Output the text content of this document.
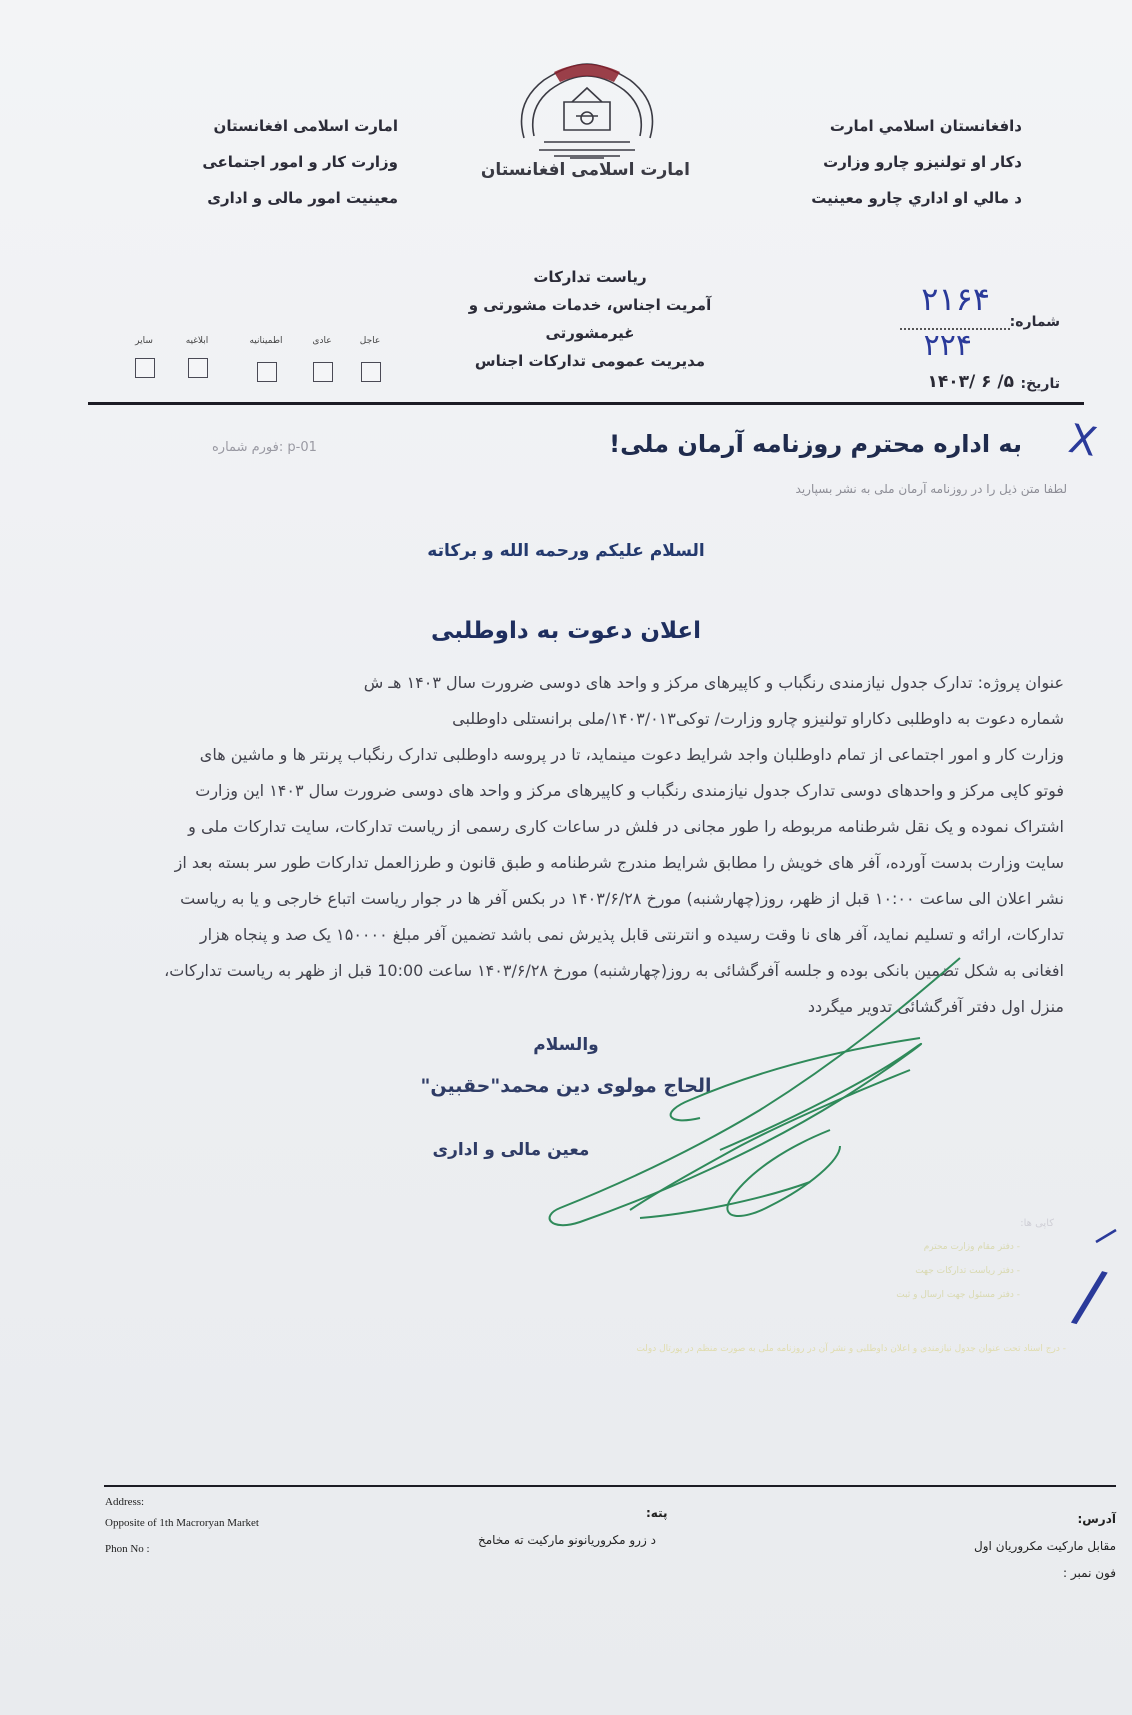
دافغانستان اسلامي امارت
دکار او تولنیزو چارو وزارت
د مالي او اداري چارو معینیت
امارت اسلامی افغانستان
وزارت کار و امور اجتماعی
معینیت امور مالی و اداری
امارت اسلامی افغانستان
ریاست تدارکات
آمریت اجناس، خدمات مشورتی و غیرمشورتی
مدیریت عمومی تدارکات اجناس
شماره:
۲۱۶۴
۲۲۴
تاریخ:
۱۴۰۳/ ۶ /۵
عاجل
عادی
اطمینانیه
ابلاغیه
سایر
فورم شماره: p-01	به اداره محترم روزنامه آرمان ملی! X
لطفا متن ذیل را در روزنامه آرمان ملی به نشر بسپارید
السلام علیکم ورحمه الله و برکاته
اعلان دعوت به داوطلبی

عنوان پروژه: تدارک جدول نیازمندی رنگباب و کاپیرهای مرکز و واحد های دوسی ضرورت سال ۱۴۰۳ هـ ش

شماره دعوت به داوطلبی دکاراو تولنیزو چارو وزارت/ توکی۱۴۰۳/۰۱۳/ملی برانستلی داوطلبی

وزارت کار و امور اجتماعی از تمام داوطلبان واجد شرایط دعوت مینماید، تا در پروسه داوطلبی تدارک رنگباب پرنتر ها و ماشین های

فوتو کاپی مرکز و واحدهای دوسی تدارک جدول نیازمندی رنگباب و کاپیرهای مرکز و واحد های دوسی ضرورت سال ۱۴۰۳ این وزارت

اشتراک نموده و یک نقل شرطنامه مربوطه را طور مجانی در فلش در ساعات کاری رسمی از ریاست تدارکات، سایت تدارکات ملی و

سایت وزارت بدست آورده، آفر های خویش را مطابق شرایط مندرج شرطنامه و طبق قانون و طرزالعمل تدارکات طور سر بسته بعد از

نشر اعلان الی ساعت ۱۰:۰۰ قبل از ظهر، روز(چهارشنبه) مورخ ۱۴۰۳/۶/۲۸ در بکس آفر ها در جوار ریاست اتباع خارجی و یا به ریاست

تدارکات، ارائه و تسلیم نماید، آفر های نا وقت رسیده و انترنتی قابل پذیرش نمی باشد تضمین آفر مبلغ ۱۵۰۰۰۰ یک صد و پنجاه هزار

افغانی به شکل تضمین بانکی بوده و جلسه آفرگشائی به روز(چهارشنبه) مورخ ۱۴۰۳/۶/۲۸ ساعت 10:00 قبل از ظهر به ریاست تدارکات،

منزل اول دفتر آفرگشائی تدویر میگردد

والسلام
الحاج مولوی دین محمد"حقبین"
معین مالی و اداری
کاپی ها:
- دفتر مقام وزارت محترم
- دفتر ریاست تدارکات جهت
- دفتر مسئول جهت ارسال و ثبت
- درج اسناد تحت عنوان جدول نیازمندی و اعلان داوطلبی و نشر آن در روزنامه ملی به صورت منظم در پورتال دولت
/
Address:
Opposite of 1th Macroryan Market
Phon No :
پته:
د زرو مکروریانونو مارکیت ته مخامخ
آدرس:
مقابل مارکیت مکروریان اول
فون نمبر :
